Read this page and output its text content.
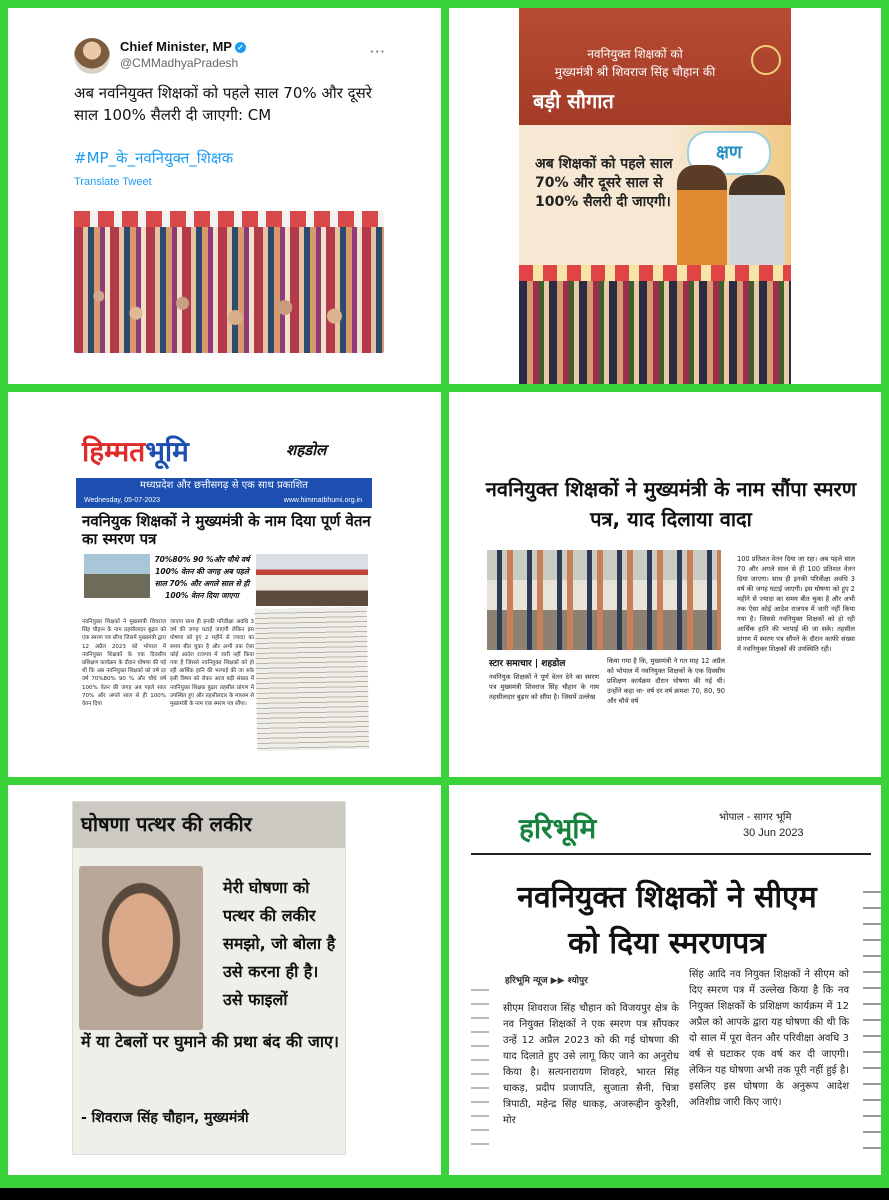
Chief Minister, MP ✓
@CMMadhyaPradesh
···
अब नवनियुक्त शिक्षकों को पहले साल 70% और दूसरे साल 100% सैलरी दी जाएगी: CM
#MP_के_नवनियुक्त_शिक्षक
Translate Tweet
नवनियुक्त शिक्षकों को
मुख्यमंत्री श्री शिवराज सिंह चौहान की
बड़ी सौगात
क्षण
अब शिक्षकों को पहले साल 70% और दूसरे साल से 100% सैलरी दी जाएगी।
हिम्मतभूमि	शहडोल
मध्यप्रदेश और छत्तीसगढ़ से एक साथ प्रकाशित
Wednesday, 05-07-2023	www.himmatbhumi.org.in
नवनियुक शिक्षकों ने मुख्यमंत्री के नाम दिया पूर्ण वेतन का स्मरण पत्र
70%80% 90 %और चौथे वर्ष 100% वेतन की जगह अब पहले साल 70% और अगले साल से ही 100% वेतन दिया जाएगा
नवनियुक्त शिक्षकों ने मुख्यमंत्री शिवराज सिंह चौहान के नाम तहसीलदार बुढ़ार को एक स्मरण पत्र सौंपा जिसमें मुख्यमंत्री द्वारा 12 अप्रैल 2023 को भोपाल में नवनियुक्त शिक्षकों के एक दिवसीय प्रशिक्षण कार्यक्रम के दौरान घोषणा की गई थी कि अब नवनियुक्त शिक्षकों को वर्ष दर वर्ष 70%80% 90 % और चौथे वर्ष 100% वेतन की जगह अब पहले साल 70% और अगले साल से ही 100% वेतन दिया
जाएगा साथ ही इनकी परिवीक्षा अवधि 3 वर्ष की जगह घटाई जाएगी लेकिन इस घोषणा को हुए 2 महीने से ज्यादा का समय बीत चुका है और अभी तक ऐसा कोई आदेश राजपत्र में जारी नहीं किया गया है जिससे नवनियुक्त शिक्षकों को हो रही आर्थिक हानि की भरपाई की जा सके इसी विषय को लेकर आज बड़ी संख्या में नवनियुक्त शिक्षक बुढ़ार तहसील प्रांगण में उपस्थित हुए और तहसीलदार के माध्यम से मुख्यमंत्री के नाम एक स्मरण पत्र सौंपा।
नवनियुक्त शिक्षकों ने मुख्यमंत्री के नाम सौंपा स्मरण पत्र, याद दिलाया वादा
स्टार समाचार | शहडोल
नवनियुक शिक्षकों ने पूर्ण वेतन देने का स्मरण पत्र मुख्यमंत्री शिवराज सिंह चौहान के नाम तहसीलदार बुढ़ार को सौंपा है। जिसमें उल्लेख
किया गया है कि, मुख्यमंत्री ने गत माह 12 अप्रैल को भोपाल में नवनियुक्त शिक्षकों के एक दिवसीय प्रशिक्षण कार्यक्रम दौरान घोषणा की गई थी। उन्होंने कहा था- वर्ष दर वर्ष क्रमशः 70, 80, 90 और चौथे वर्ष
100 प्रतिशत वेतन दिया जा रहा। अब पहले साल 70 और अगले साल से ही 100 प्रतिशत वेतन दिया जाएगा। साथ ही इनकी परिवीक्षा अवधि 3 वर्ष की जगह घटाई जाएगी। इस घोषणा को हुए 2 महीने से ज्यादा का समय बीत चुका है और अभी तक ऐसा कोई आदेश राजपत्र में जारी नहीं किया गया है। जिससे नवनियुक्त शिक्षकों को हो रही आर्थिक हानि की भरपाई की जा सके। तहसील प्रांगण में स्मरण पत्र सौंपने के दौरान काफी संख्या में नवनियुक्त शिक्षकों की उपस्थिति रही।
घोषणा पत्थर की लकीर
मेरी घोषणा को पत्थर की लकीर समझो, जो बोला है उसे करना ही है। उसे फाइलों
में या टेबलों पर घुमाने की प्रथा बंद की जाए।
- शिवराज सिंह चौहान, मुख्यमंत्री
हरिभूमि	भोपाल - सागर भूमि
30 Jun 2023
नवनियुक्त शिक्षकों ने सीएम को दिया स्मरणपत्र
हरिभूमि न्यूज ▶▶ श्योपुर
सीएम शिवराज सिंह चौहान को विजयपुर क्षेत्र के नव नियुक्त शिक्षकों ने एक स्मरण पत्र सौंपकर उन्हें 12 अप्रैल 2023 को की गई घोषणा की याद दिलाते हुए उसे लागू किए जाने का अनुरोध किया है। सत्यनारायण शिवहरे, भारत सिंह धाकड़, प्रदीप प्रजापति, सुजाता सैनी, चित्रा त्रिपाठी, महेन्द्र सिंह धाकड़, अजरूद्दीन कुरैशी, मोर
सिंह आदि नव नियुक्त शिक्षकों ने सीएम को दिए स्मरण पत्र में उल्लेख किया है कि नव नियुक्त शिक्षकों के प्रशिक्षण कार्यक्रम में 12 अप्रैल को आपके द्वारा यह घोषणा की थी कि दो साल में पूरा वेतन और परिवीक्षा अवधि 3 वर्ष से घटाकर एक वर्ष कर दी जाएगी। लेकिन यह घोषणा अभी तक पूरी नहीं हुई है। इसलिए इस घोषणा के अनुरूप आदेश अतिशीघ्र जारी किए जाएं।
